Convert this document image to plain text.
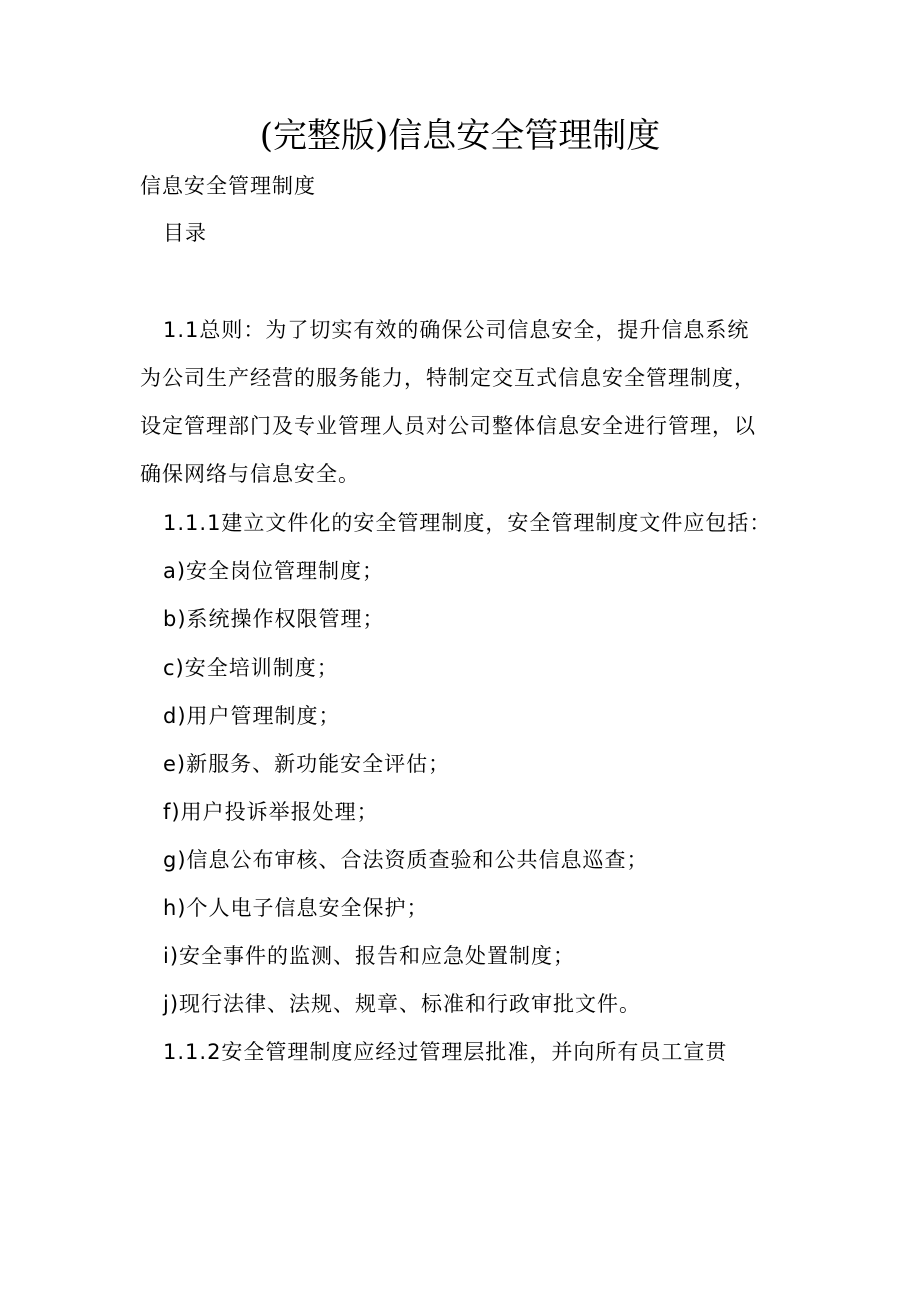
(完整版)信息安全管理制度
信息安全管理制度
目录
1.1总则：为了切实有效的确保公司信息安全，提升信息系统
为公司生产经营的服务能力，特制定交互式信息安全管理制度，
设定管理部门及专业管理人员对公司整体信息安全进行管理，以
确保网络与信息安全。
1.1.1建立文件化的安全管理制度，安全管理制度文件应包括：
a)安全岗位管理制度；
b)系统操作权限管理；
c)安全培训制度；
d)用户管理制度；
e)新服务、新功能安全评估；
f)用户投诉举报处理；
g)信息公布审核、合法资质查验和公共信息巡查；
h)个人电子信息安全保护；
i)安全事件的监测、报告和应急处置制度；
j)现行法律、法规、规章、标准和行政审批文件。
1.1.2安全管理制度应经过管理层批准，并向所有员工宣贯
